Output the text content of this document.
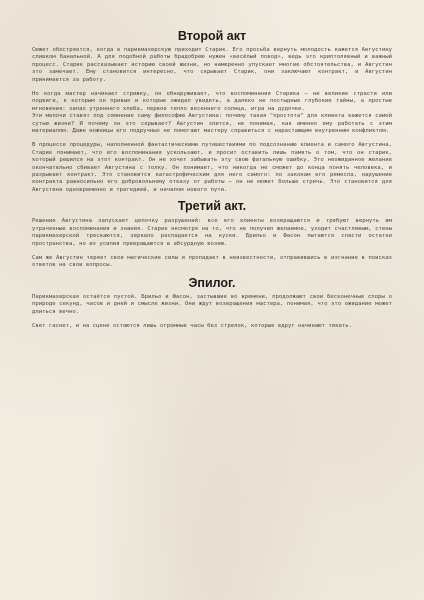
Второй акт

Сюжет обостряется, когда в парикмахерскую приходит Старик. Его просьба вернуть молодость кажется Августину слишком банальной. А для подобной работы брадобрею нужен «весёлый повод», ведь это криптолявный и важный процесс. Старик рассказывает историю своей жизни, но намеренно упускает многие обстоятельства, и Августин это замечает. Ему становится интересно, что скрывает Старик, они заключают контракт, и Августин принимается за работу.

Но когда мастер начинает стрижку, он обнаруживает, что воспоминания Старика – не великие страсти или подвиги, к которым он привык и которые ожидал увидеть, а далеко не постыдные глубокие тайны, а простые мгновения: запах утреннего хлеба, первое тепло весеннего солнца, игра на дудочке.

Эти мелочи ставят под сомнение саму философию Августина: почему такая "простота" для клиента кажется самой сутью жизни? И почему он это скрывает? Августин злится, не понимая, как именно ему работать с этим материалом. Даже ножницы его подручных не помогают мастеру справиться с нарастающим внутренним конфликтом.

В процессе процедуры, наполненной фантастическими путешествиями по подсознанию клиента и самого Августина, Старик понимает, что его воспоминания ускользают, и просит оставить лишь память о том, что он старик, который решился на этот контракт. Он не хочет забывать эту свою фатальную ошибку. Это неожиданное желание окончательно сбивает Августина с толку. Он понимает, что никогда не сможет до конца понять человека, и разрывает контракт. Это становится катастрофическим для него самого: по законам его ремесла, нарушение контракта равносильно его добровольному отказу от работы – он не может больше стричь. Это становится для Августина одновременно и трагедией, и началом нового пути.

Третий акт.

Решение Августина запускает цепочку разрушений: все его клиенты возвращаются и требуют вернуть им утраченные воспоминания и знания. Старик несмотря на то, что не получил желаемое, уходит счастливым, стены парикмахерской трескаются, зеркало распадается на куски. Брильо и Фасон пытаются спасти остатки пространства, но их усилия превращаются в абсурдную возню.

Сам же Августин теряет свои магические силы и пропадает в неизвестности, отправившись в изгнание в поисках ответов на свои вопросы.

Эпилог.

Парикмахерская остаётся пустой. Брильо и Фасон, застывшие во времени, продолжают свои бесконечные споры о природе секунд, часов и дней и смысле жизни. Они ждут возвращения мастера, понимая, что это ожидание может длиться вечно.

Свет гаснет, и на сцене остаются лишь огромные часы без стрелок, которые вдруг начинают тикать.
